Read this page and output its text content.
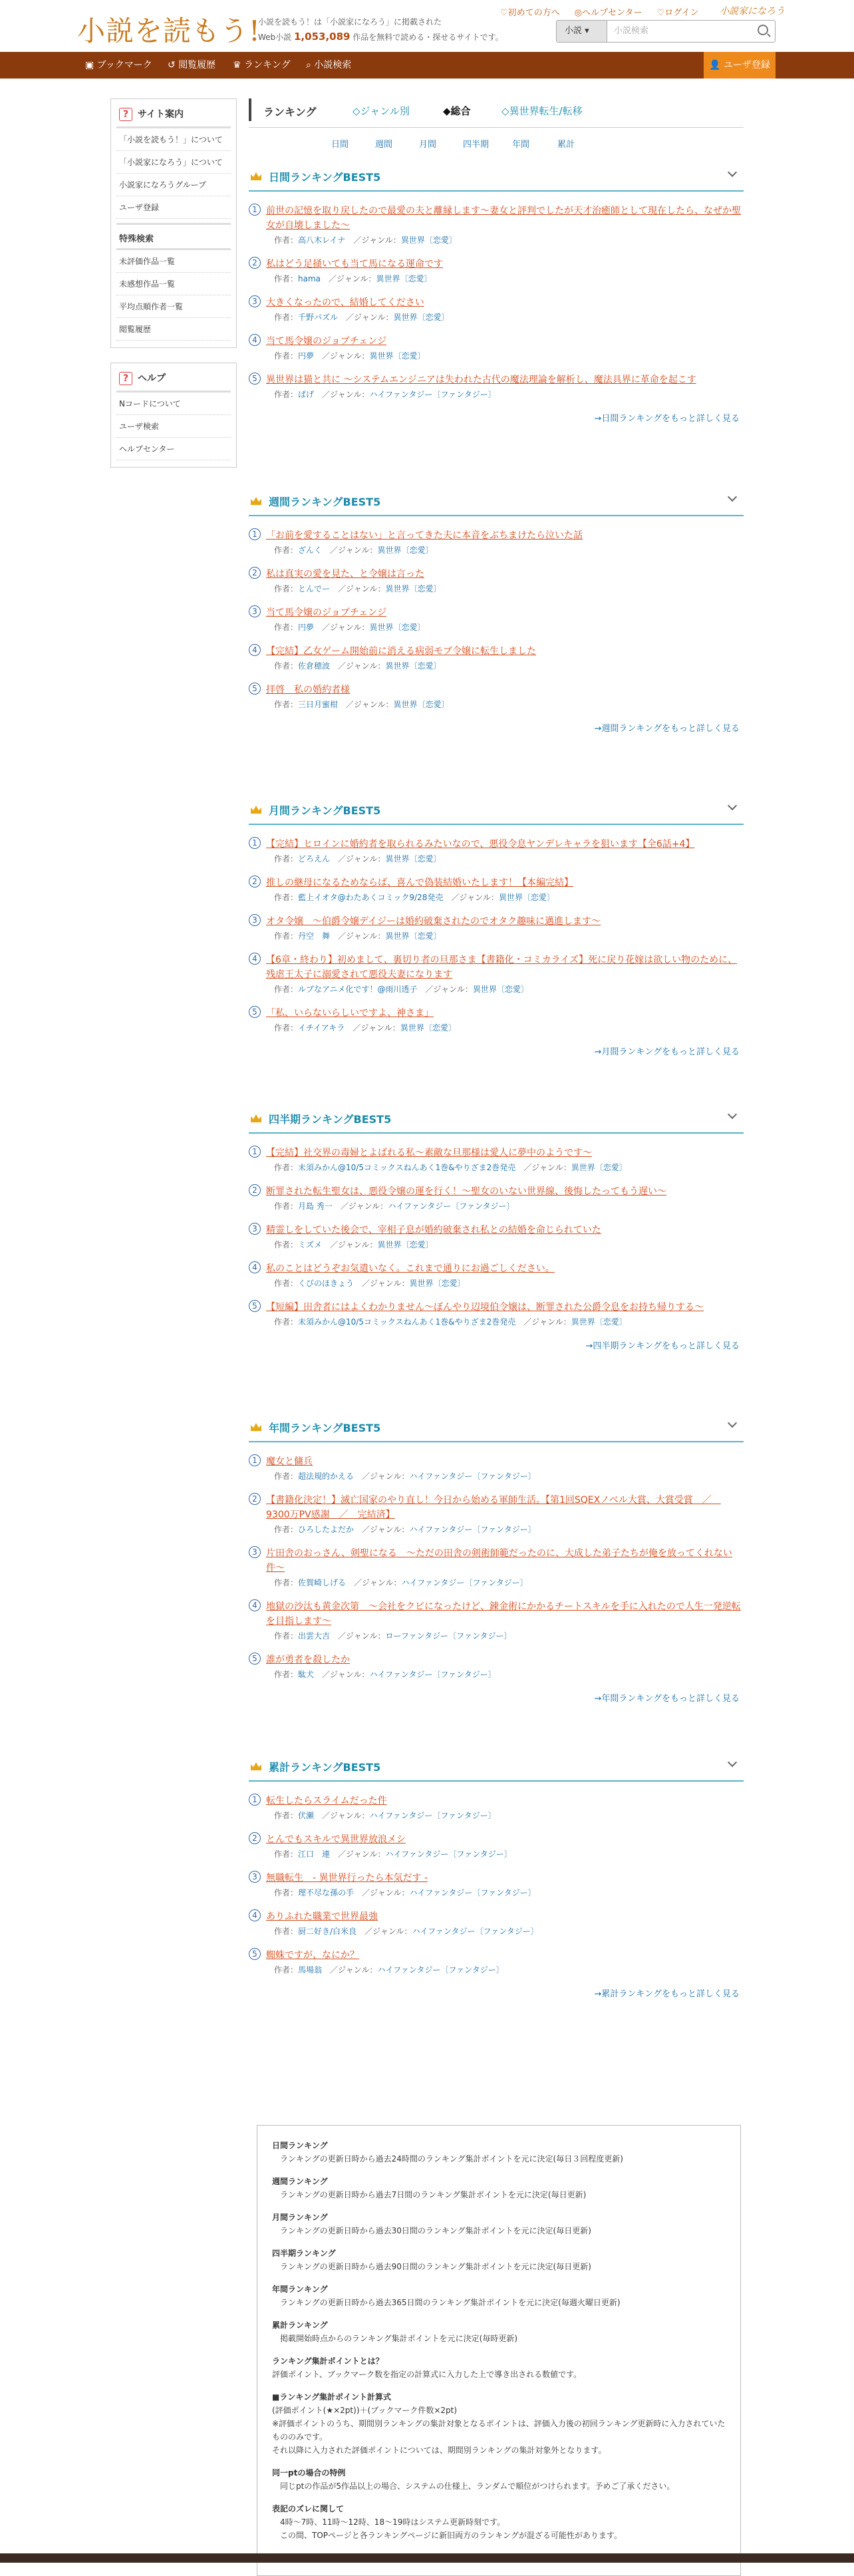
小説を読もう!
小説を読もう！は「小説家になろう」に掲載された
Web小説 1,053,089 作品を無料で読める・探せるサイトです。
♡初めての方へ ◎ヘルプセンター ♡ログイン	小説家になろう
小説 ▾	小説検索
▣ ブックマーク ↺ 閲覧履歴 ♛ ランキング ⌕ 小説検索	👤 ユーザ登録
? サイト案内
「小説を読もう！」について
「小説家になろう」について
小説家になろうグループ
ユーザ登録
特殊検索
未評価作品一覧
未感想作品一覧
平均点順作者一覧
閲覧履歴
? ヘルプ
Nコードについて
ユーザ検索
ヘルプセンター
ランキング	◇ジャンル別	◆総合	◇異世界転生/転移
日間	週間	月間	四半期	年間	累計
日間ランキングBEST5
1 前世の記憶を取り戻したので最愛の夫と離縁します〜妻女と評判でしたが天才治癒師として現在したら、なぜか聖女が自壊しました〜
作者：高八木レイナ　／ジャンル：異世界〔恋愛〕
2 私はどう足掻いても当て馬になる運命です
作者：hama　／ジャンル：異世界〔恋愛〕
3 大きくなったので、結婚してください
作者：千野パズル　／ジャンル：異世界〔恋愛〕
4 当て馬令嬢のジョブチェンジ
作者：円夢　／ジャンル：異世界〔恋愛〕
5 異世界は猫と共に 〜システムエンジニアは失われた古代の魔法理論を解析し、魔法具界に革命を起こす
作者：ぱげ　／ジャンル：ハイファンタジー〔ファンタジー〕
→日間ランキングをもっと詳しく見る
週間ランキングBEST5
1 「お前を愛することはない」と言ってきた夫に本音をぶちまけたら泣いた話
作者：ざんく　／ジャンル：異世界〔恋愛〕
2 私は真実の愛を見た、と令嬢は言った
作者：とんでー　／ジャンル：異世界〔恋愛〕
3 当て馬令嬢のジョブチェンジ
作者：円夢　／ジャンル：異世界〔恋愛〕
4 【完結】乙女ゲーム開始前に消える病弱モブ令嬢に転生しました
作者：佐倉穂波　／ジャンル：異世界〔恋愛〕
5 拝啓　私の婚約者様
作者：三日月蜜柑　／ジャンル：異世界〔恋愛〕
→週間ランキングをもっと詳しく見る
月間ランキングBEST5
1 【完結】ヒロインに婚約者を取られるみたいなので、悪役令息ヤンデレキャラを狙います【全6話+4】
作者：どろえん　／ジャンル：異世界〔恋愛〕
2 推しの継母になるためならば、喜んで偽装結婚いたします！【本編完結】
作者：藍上イオタ@わたあくコミック9/28発売　／ジャンル：異世界〔恋愛〕
3 オタ令嬢　〜伯爵令嬢デイジーは婚約破棄されたのでオタク趣味に邁進します〜
作者：丹空　舞　／ジャンル：異世界〔恋愛〕
4 【6章・終わり】初めまして、裏切り者の旦那さま【書籍化・コミカライズ】死に戻り花嫁は欲しい物のために、残虐王太子に溺愛されて悪役夫妻になります
作者：ルブなアニメ化です！@雨川透子　／ジャンル：異世界〔恋愛〕
5 「私、いらないらしいですよ、神さま」
作者：イチイアキラ　／ジャンル：異世界〔恋愛〕
→月間ランキングをもっと詳しく見る
四半期ランキングBEST5
1 【完結】社交界の毒婦とよばれる私〜素敵な旦那様は愛人に夢中のようです〜
作者：未須みかん@10/5コミックスねんあく1巻&やりざま2巻発売　／ジャンル：異世界〔恋愛〕
2 断罪された転生聖女は、悪役令嬢の運を行く！〜聖女のいない世界線、後悔したってもう遅い〜
作者：月島 秀一　／ジャンル：ハイファンタジー〔ファンタジー〕
3 精霊しをしていた後会で、宰相子息が婚約破棄され私との結婚を命じられていた
作者：ミズメ　／ジャンル：異世界〔恋愛〕
4 私のことはどうぞお気遣いなく。これまで通りにお過ごしください。
作者：くびのほきょう　／ジャンル：異世界〔恋愛〕
5 【短編】田舎者にはよくわかりません〜ぼんやり辺境伯令嬢は、断罪された公爵令息をお持ち帰りする〜
作者：未須みかん@10/5コミックスねんあく1巻&やりざま2巻発売　／ジャンル：異世界〔恋愛〕
→四半期ランキングをもっと詳しく見る
年間ランキングBEST5
1 魔女と傭兵
作者：超法規的かえる　／ジャンル：ハイファンタジー〔ファンタジー〕
2 【書籍化決定！】滅亡国家のやり直し！今日から始める軍師生活。【第1回SQEXノベル大賞、大賞受賞　／　9300万PV感謝　／　完結済】
作者：ひろしたよだか　／ジャンル：ハイファンタジー〔ファンタジー〕
3 片田舎のおっさん、剣聖になる　〜ただの田舎の剣術師範だったのに、大成した弟子たちが俺を放ってくれない件〜
作者：佐賀崎しげる　／ジャンル：ハイファンタジー〔ファンタジー〕
4 地獄の沙汰も黄金次第　〜会社をクビになったけど、錬金術にかかるチートスキルを手に入れたので人生一発逆転を目指します〜
作者：出雲大吉　／ジャンル：ローファンタジー〔ファンタジー〕
5 誰が勇者を殺したか
作者：駄犬　／ジャンル：ハイファンタジー〔ファンタジー〕
→年間ランキングをもっと詳しく見る
累計ランキングBEST5
1 転生したらスライムだった件
作者：伏瀬　／ジャンル：ハイファンタジー〔ファンタジー〕
2 とんでもスキルで異世界放浪メシ
作者：江口　連　／ジャンル：ハイファンタジー〔ファンタジー〕
3 無職転生　- 異世界行ったら本気だす -
作者：理不尽な孫の手　／ジャンル：ハイファンタジー〔ファンタジー〕
4 ありふれた職業で世界最強
作者：厨二好き/白米良　／ジャンル：ハイファンタジー〔ファンタジー〕
5 蜘蛛ですが、なにか？
作者：馬場翁　／ジャンル：ハイファンタジー〔ファンタジー〕
→累計ランキングをもっと詳しく見る
日間ランキング
ランキングの更新日時から過去24時間のランキング集計ポイントを元に決定(毎日３回程度更新)
週間ランキング
ランキングの更新日時から過去7日間のランキング集計ポイントを元に決定(毎日更新)
月間ランキング
ランキングの更新日時から過去30日間のランキング集計ポイントを元に決定(毎日更新)
四半期ランキング
ランキングの更新日時から過去90日間のランキング集計ポイントを元に決定(毎日更新)
年間ランキング
ランキングの更新日時から過去365日間のランキング集計ポイントを元に決定(毎週火曜日更新)
累計ランキング
掲載開始時点からのランキング集計ポイントを元に決定(毎時更新)
ランキング集計ポイントとは？
評価ポイント、ブックマーク数を指定の計算式に入力した上で導き出される数値です。
■ランキング集計ポイント計算式
(評価ポイント(★×2pt))＋(ブックマーク件数×2pt)
※評価ポイントのうち、期間別ランキングの集計対象となるポイントは、評価入力後の初回ランキング更新時に入力されていたもののみです。
それ以降に入力された評価ポイントについては、期間別ランキングの集計対象外となります。
同一ptの場合の特例
同じptの作品が5作品以上の場合、システムの仕様上、ランダムで順位がつけられます。予めご了承ください。
表記のズレに関して
4時〜7時、11時〜12時、18〜19時はシステム更新時刻です。
この間、TOPページと各ランキングページに新旧両方のランキングが混ざる可能性があります。
